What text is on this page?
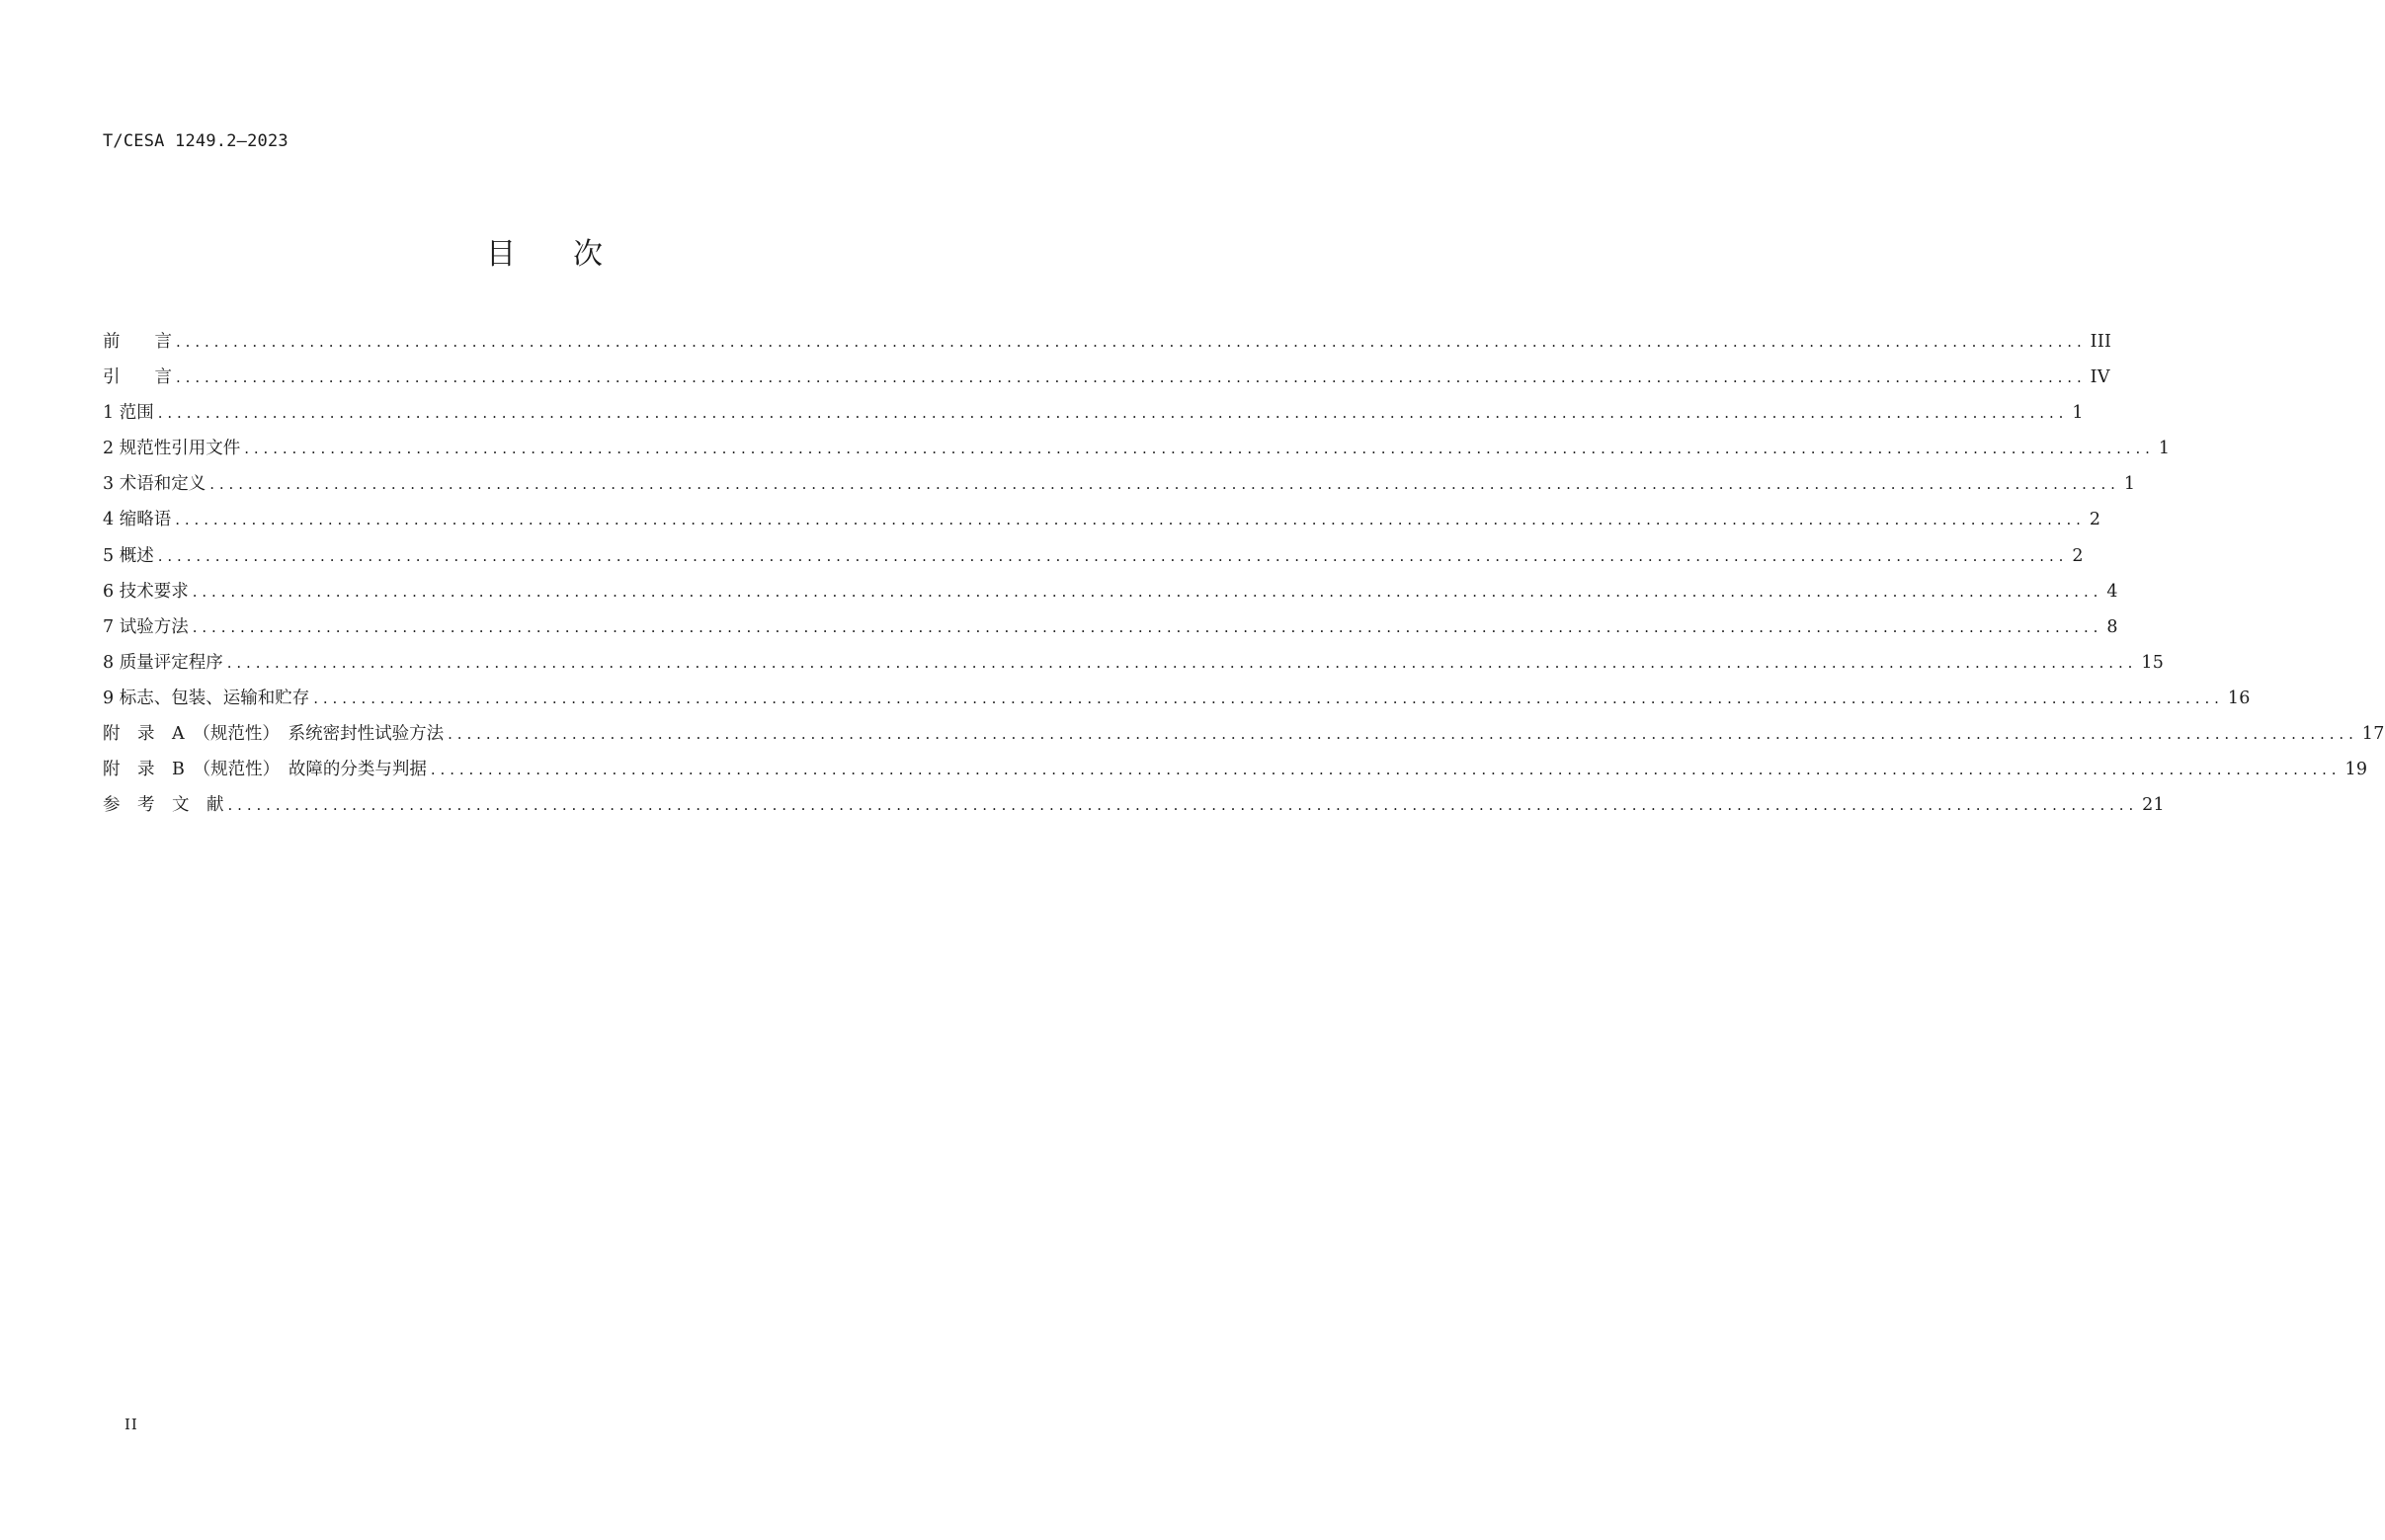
T/CESA 1249.2—2023
目 次
前　　言 ........................................................................................................................................................................................................ III
引　　言 ........................................................................................................................................................................................................ IV
1 范围 ........................................................................................................................................................................................................ 1
2 规范性引用文件 ........................................................................................................................................................................................................ 1
3 术语和定义 ........................................................................................................................................................................................................ 1
4 缩略语 ........................................................................................................................................................................................................ 2
5 概述 ........................................................................................................................................................................................................ 2
6 技术要求 ........................................................................................................................................................................................................ 4
7 试验方法 ........................................................................................................................................................................................................ 8
8 质量评定程序 ........................................................................................................................................................................................................ 15
9 标志、包装、运输和贮存 ........................................................................................................................................................................................................ 16
附　录　A　（规范性）　系统密封性试验方法 ........................................................................................................................................................................................................ 17
附　录　B　（规范性）　故障的分类与判据 ........................................................................................................................................................................................................ 19
参　考　文　献 ........................................................................................................................................................................................................ 21
II
